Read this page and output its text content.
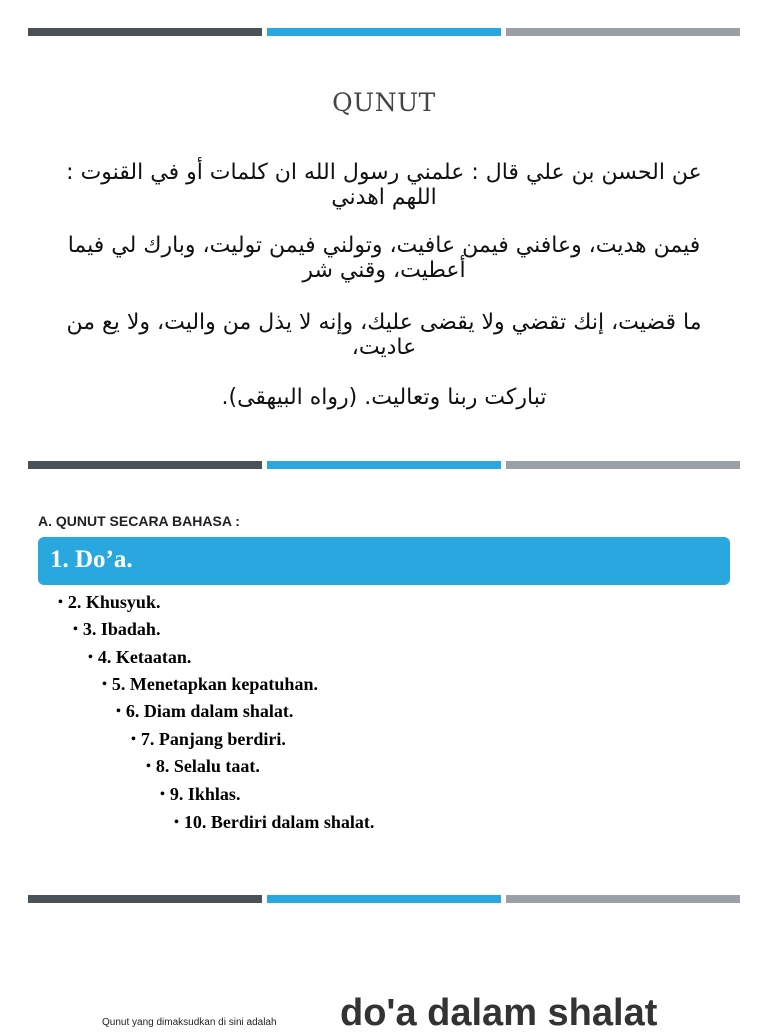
QUNUT
عن الحسن بن علي قال : علمني رسول الله ان كلمات أو في القنوت : اللهم اهدني
فيمن هديت، وعافني فيمن عافيت، وتولني فيمن توليت، وبارك لي فيما أعطيت، وقني شر
ما قضيت، إنك تقضي ولا يقضى عليك، وإنه لا يذل من واليت، ولا يع من عاديت،
تباركت ربنا وتعاليت. (رواه البيهقى).
A. QUNUT SECARA BAHASA :
1. Do’a.
• 2. Khusyuk.
• 3. Ibadah.
• 4. Ketaatan.
• 5. Menetapkan kepatuhan.
• 6. Diam dalam shalat.
• 7. Panjang berdiri.
• 8. Selalu taat.
• 9. Ikhlas.
• 10. Berdiri dalam shalat.
Qunut yang dimaksudkan di sini adalah do'a dalam shalat
